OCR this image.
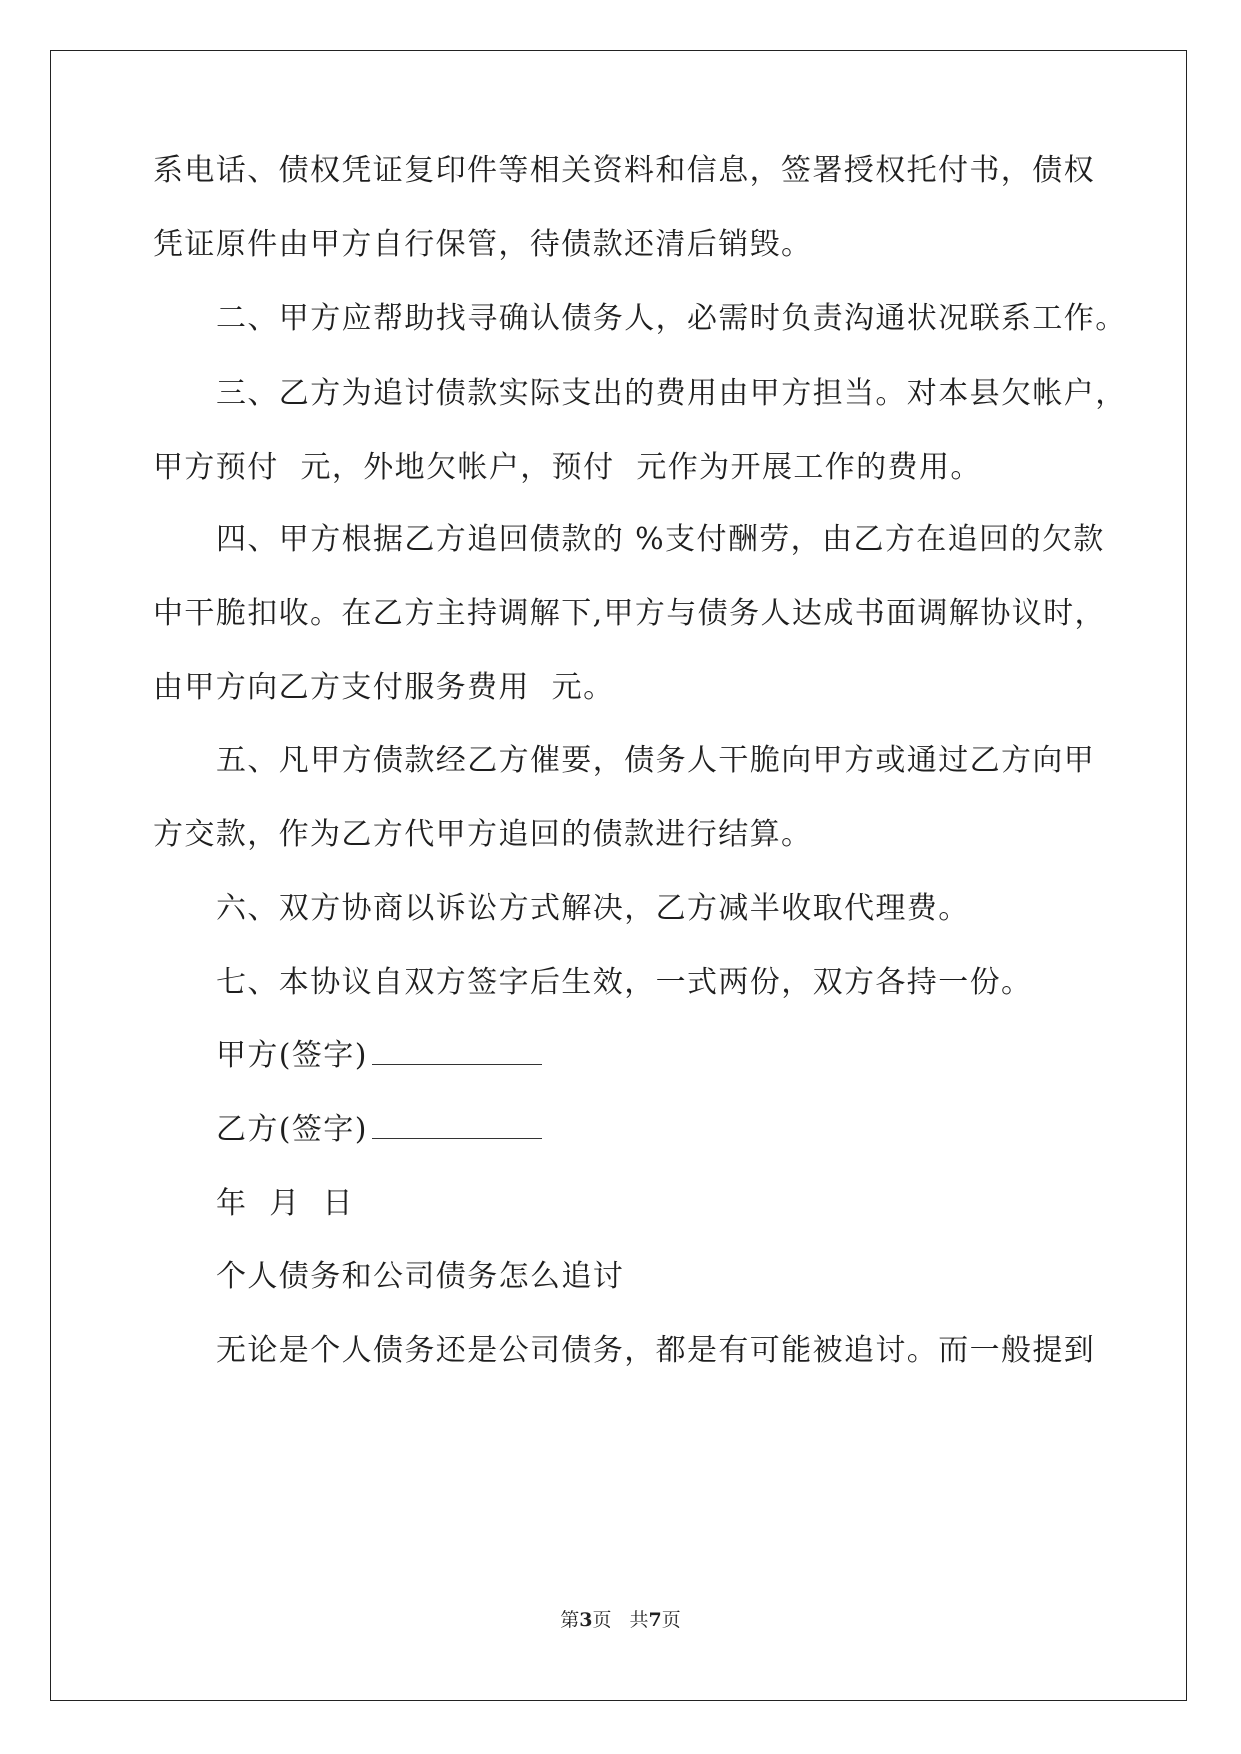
系电话、债权凭证复印件等相关资料和信息，签署授权托付书，债权
凭证原件由甲方自行保管，待债款还清后销毁。
二、甲方应帮助找寻确认债务人，必需时负责沟通状况联系工作。
三、乙方为追讨债款实际支出的费用由甲方担当。对本县欠帐户，
甲方预付  元，外地欠帐户，预付  元作为开展工作的费用。
四、甲方根据乙方追回债款的 %支付酬劳，由乙方在追回的欠款
中干脆扣收。在乙方主持调解下,甲方与债务人达成书面调解协议时，
由甲方向乙方支付服务费用  元。
五、凡甲方债款经乙方催要，债务人干脆向甲方或通过乙方向甲
方交款，作为乙方代甲方追回的债款进行结算。
六、双方协商以诉讼方式解决，乙方减半收取代理费。
七、本协议自双方签字后生效，一式两份，双方各持一份。
甲方(签字)
乙方(签字)
年  月  日
个人债务和公司债务怎么追讨
无论是个人债务还是公司债务，都是有可能被追讨。而一般提到
第3页 共7页
